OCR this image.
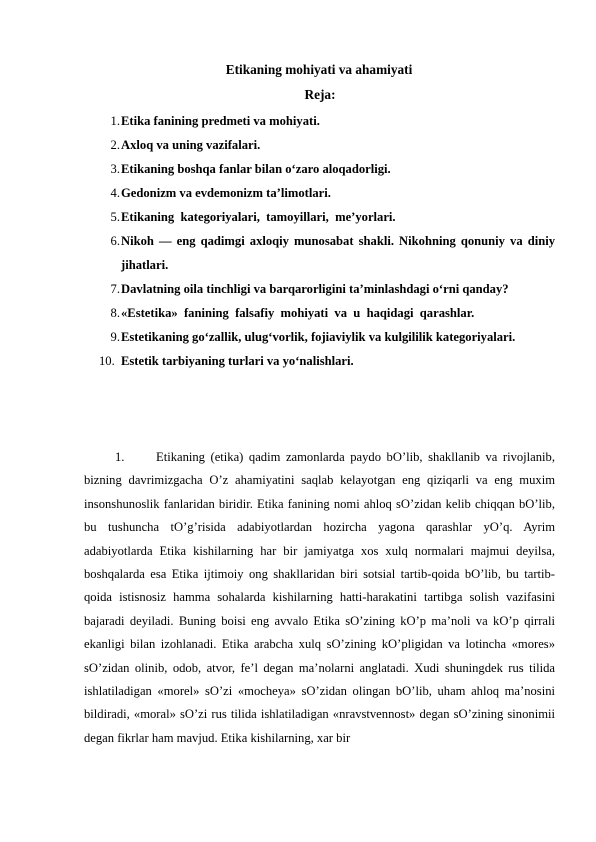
Etikaning mohiyati va ahamiyati
Reja:
1. Etika fanining predmeti va mohiyati.
2. Axloq va uning vazifalari.
3. Etikaning boshqa fanlar bilan o‘zaro aloqadorligi.
4. Gedonizm va evdemonizm ta’limotlari.
5. Etikaning  kategoriyalari,  tamoyillari,  me’yorlari.
6. Nikoh — eng qadimgi axloqiy munosabat shakli. Nikohning qonuniy va diniy jihatlari.
7. Davlatning oila tinchligi va barqarorligini ta’minlashdagi o‘rni qanday?
8. «Estetika»  fanining  falsafiy  mohiyati  va  u  haqidagi  qarashlar.
9. Estetikaning go‘zallik, ulug‘vorlik, fojiaviylik va kulgililik kategoriyalari.
10. Estetik tarbiyaning turlari va yo‘nalishlari.

1.	Etikaning (etika) qadim zamonlarda paydo bO’lib, shakllanib va rivojlanib, bizning davrimizgacha O’z ahamiyatini saqlab kelayotgan eng qiziqarli va eng muxim insonshunoslik fanlaridan biridir. Etika fanining nomi ahloq sO’zidan kelib chiqqan bO’lib, bu tushuncha tO’g’risida adabiyotlardan hozircha yagona qarashlar yO’q. Ayrim adabiyotlarda Etika kishilarning har bir jamiyatga xos xulq normalari majmui deyilsa, boshqalarda esa Etika ijtimoiy ong shakllaridan biri sotsial tartib-qoida bO’lib, bu tartib-qoida istisnosiz hamma sohalarda kishilarning hatti-harakatini tartibga solish vazifasini bajaradi deyiladi. Buning boisi eng avvalo Etika sO’zining kO’p ma’noli va kO’p qirrali ekanligi bilan izohlanadi. Etika arabcha xulq sO’zining kO’pligidan va lotincha «mores» sO’zidan olinib, odob, atvor, fe’l degan ma’nolarni anglatadi. Xudi shuningdek rus tilida ishlatiladigan «morel» sO’zi «mocheya» sO’zidan olingan bO’lib, uham ahloq ma’nosini bildiradi, «moral» sO’zi rus tilida ishlatiladigan «nravstvennost» degan sO’zining sinonimii degan fikrlar ham mavjud. Etika kishilarning, xar bir
